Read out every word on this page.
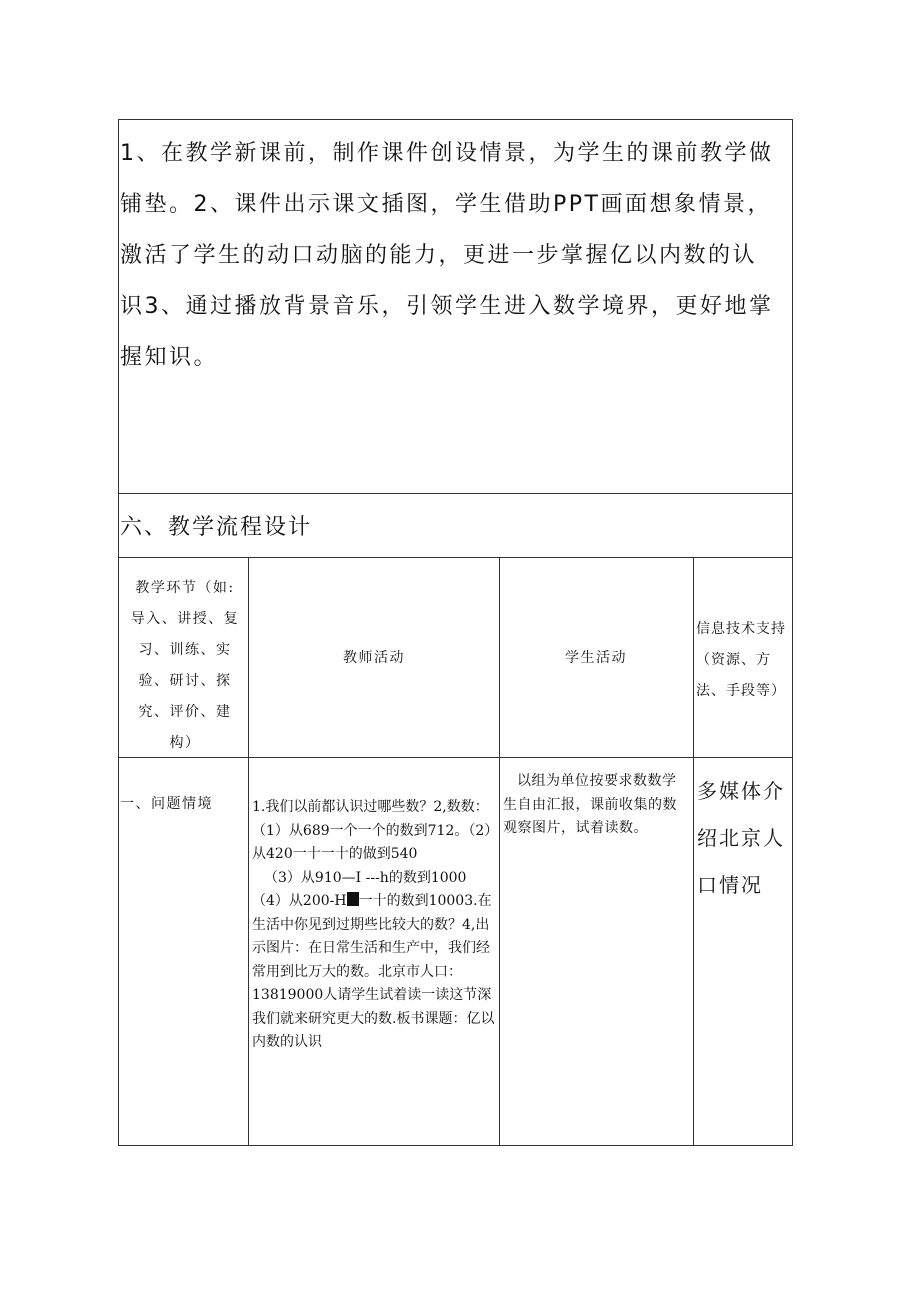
1、在教学新课前，制作课件创设情景，为学生的课前教学做铺垫。2、课件出示课文插图，学生借助PPT画面想象情景，激活了学生的动口动脑的能力，更进一步掌握亿以内数的认识3、通过播放背景音乐，引领学生进入数学境界，更好地掌握知识。
六、教学流程设计
教学环节（如:导入、讲授、复习、训练、实验、研讨、探究、评价、建构）
教师活动	学生活动
信息技术支持（资源、方法、手段等）
一、问题情境	1.我们以前都认识过哪些数？2,数数：（1）从689一个一个的数到712。（2）从420一十一十的做到540
（3）从910—I ---h的数到1000（4）从200-H 一十的数到10003.在生活中你见到过期些比较大的数？4,出示图片：在日常生活和生产中，我们经常用到比万大的数。北京市人口：13819000人请学生试着读一读这节深我们就来研究更大的数.板书课题：亿以内数的认识
以组为单位按要求数数学生自由汇报，课前收集的数观察图片，试着读数。
多媒体介绍北京人口情况
